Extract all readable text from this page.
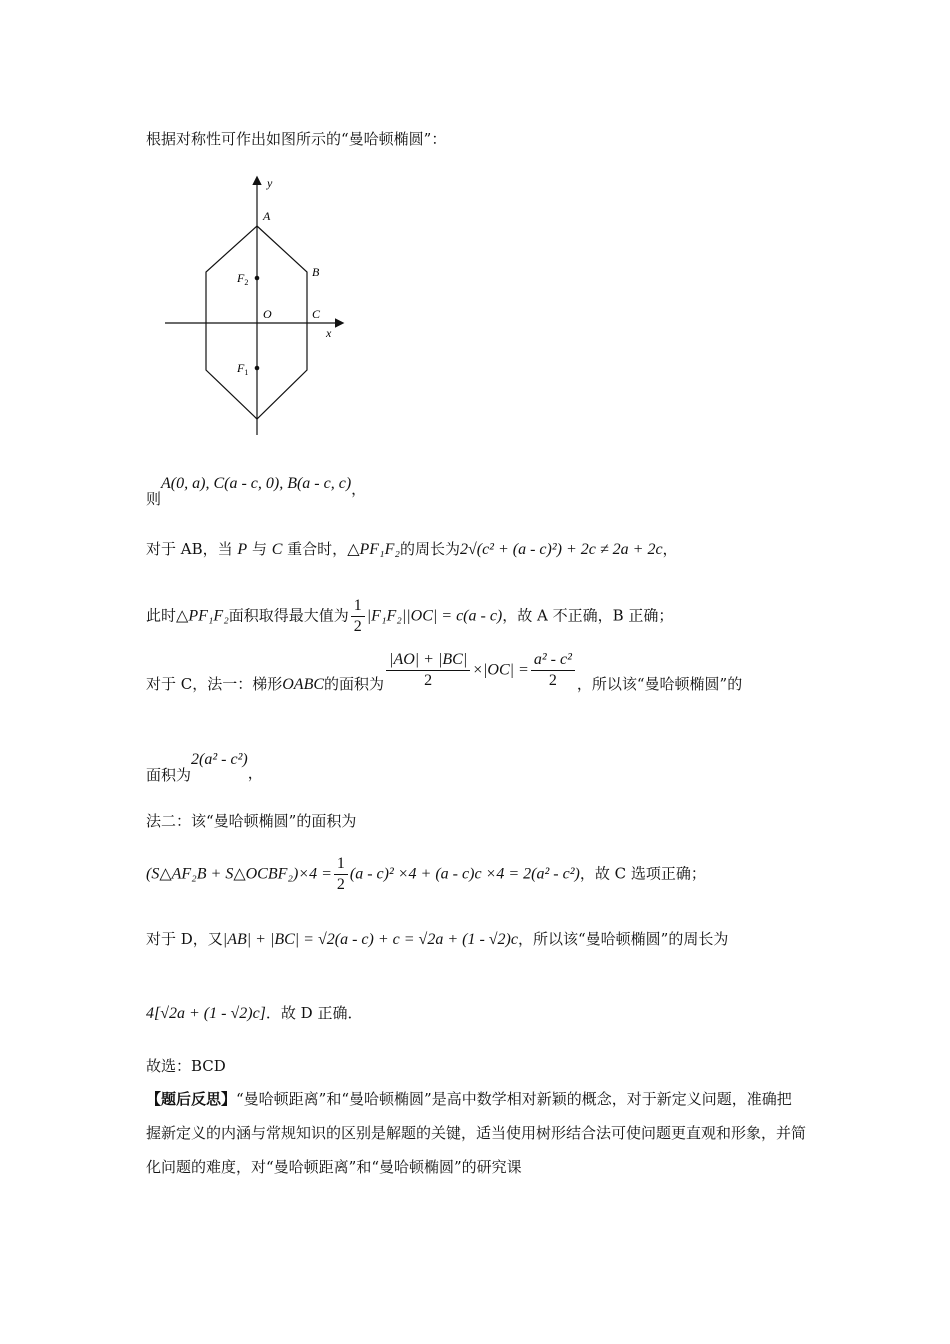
根据对称性可作出如图所示的“曼哈顿椭圆”：
y
x
A
B
C
O
$F_2$
$F_1$
则A(0, a), C(a - c, 0), B(a - c, c)，
对于 AB，当 P 与 C 重合时，△PF₁F₂的周长为2√(c² + (a - c)²) + 2c ≠ 2a + 2c，
此时△PF₁F₂面积取得最大值为 $\frac{1}{2} |F_1F_2||OC| = c(a - c)$，故 A 不正确，B 正确；
对于 C，法一：梯形OABC的面积为 $\frac{|AO| + |BC|}{2} \times|OC| = \frac{\text{a² - c²}}{2}$ ，所以该“曼哈顿椭圆”的
面积为2(a² - c²)，
法二：该“曼哈顿椭圆”的面积为
(S△AF₂B + S△OCBF₂)×4 = $\frac{1}{2} (a - c)^2 \times 4 + (a - c)c \times 4 = 2(a^2 - c^2)$，故 C 选项正确；
对于 D，又|AB| + |BC| = √2(a - c) + c = √2a + (1 - √2)c，所以该“曼哈顿椭圆”的周长为
4[√2a + (1 - √2)c]．故 D 正确．
故选：BCD
【题后反思】“曼哈顿距离”和“曼哈顿椭圆”是高中数学相对新颖的概念，对于新定义问题，准确把握新定义的内涵与常规知识的区别是解题的关键，适当使用树形结合法可使问题更直观和形象，并简化问题的难度，对“曼哈顿距离”和“曼哈顿椭圆”的研究课
